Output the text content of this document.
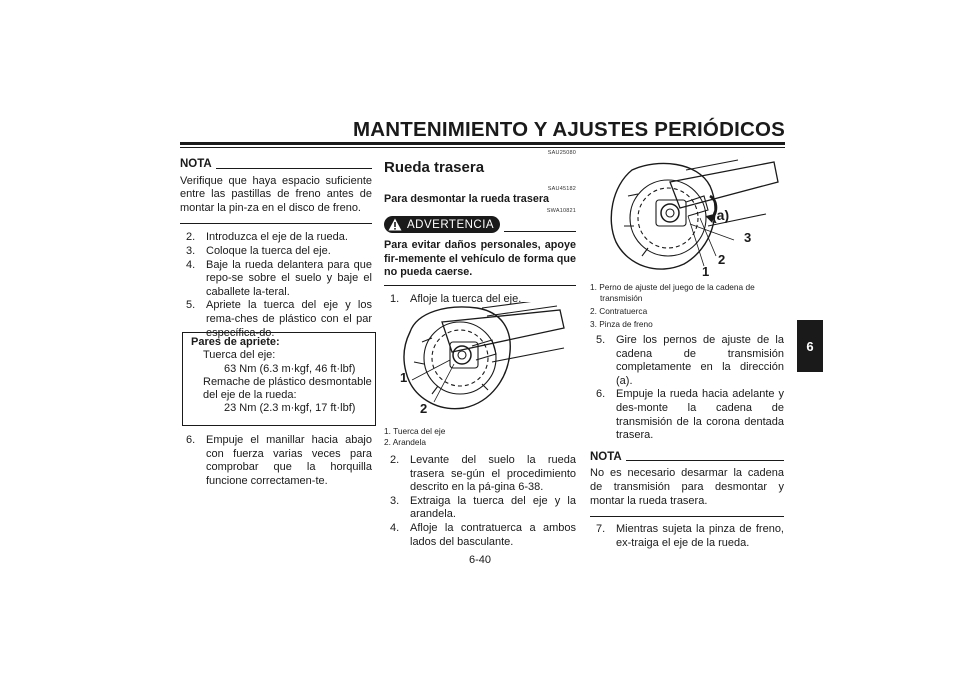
MANTENIMIENTO Y AJUSTES PERIÓDICOS
6
NOTA
Verifique que haya espacio suficiente entre las pastillas de freno antes de montar la pin-za en el disco de freno.
2. Introduzca el eje de la rueda.
3. Coloque la tuerca del eje.
4. Baje la rueda delantera para que repo-se sobre el suelo y baje el caballete la-teral.
5. Apriete la tuerca del eje y los rema-ches de plástico con el par específica-do.
Pares de apriete:
Tuerca del eje:
63 Nm (6.3 m·kgf, 46 ft·lbf)
Remache de plástico desmontable
del eje de la rueda:
23 Nm (2.3 m·kgf, 17 ft·lbf)
6. Empuje el manillar hacia abajo con fuerza varias veces para comprobar que la horquilla funcione correctamen-te.
SAU25080
Rueda trasera
SAU45182
Para desmontar la rueda trasera
SWA10821
ADVERTENCIA
Para evitar daños personales, apoye fir-memente el vehículo de forma que no pueda caerse.
1. Afloje la tuerca del eje.
1
2
1. Tuerca del eje
2. Arandela
2. Levante del suelo la rueda trasera se-gún el procedimiento descrito en la pá-gina 6-38.
3. Extraiga la tuerca del eje y la arandela.
4. Afloje la contratuerca a ambos lados del basculante.
(a)
3
2
1
1. Perno de ajuste del juego de la cadena de
transmisión
2. Contratuerca
3. Pinza de freno
5. Gire los pernos de ajuste de la cadena de transmisión completamente en la dirección (a).
6. Empuje la rueda hacia adelante y des-monte la cadena de transmisión de la corona dentada trasera.
NOTA
No es necesario desarmar la cadena de transmisión para desmontar y montar la rueda trasera.
7. Mientras sujeta la pinza de freno, ex-traiga el eje de la rueda.
6-40
